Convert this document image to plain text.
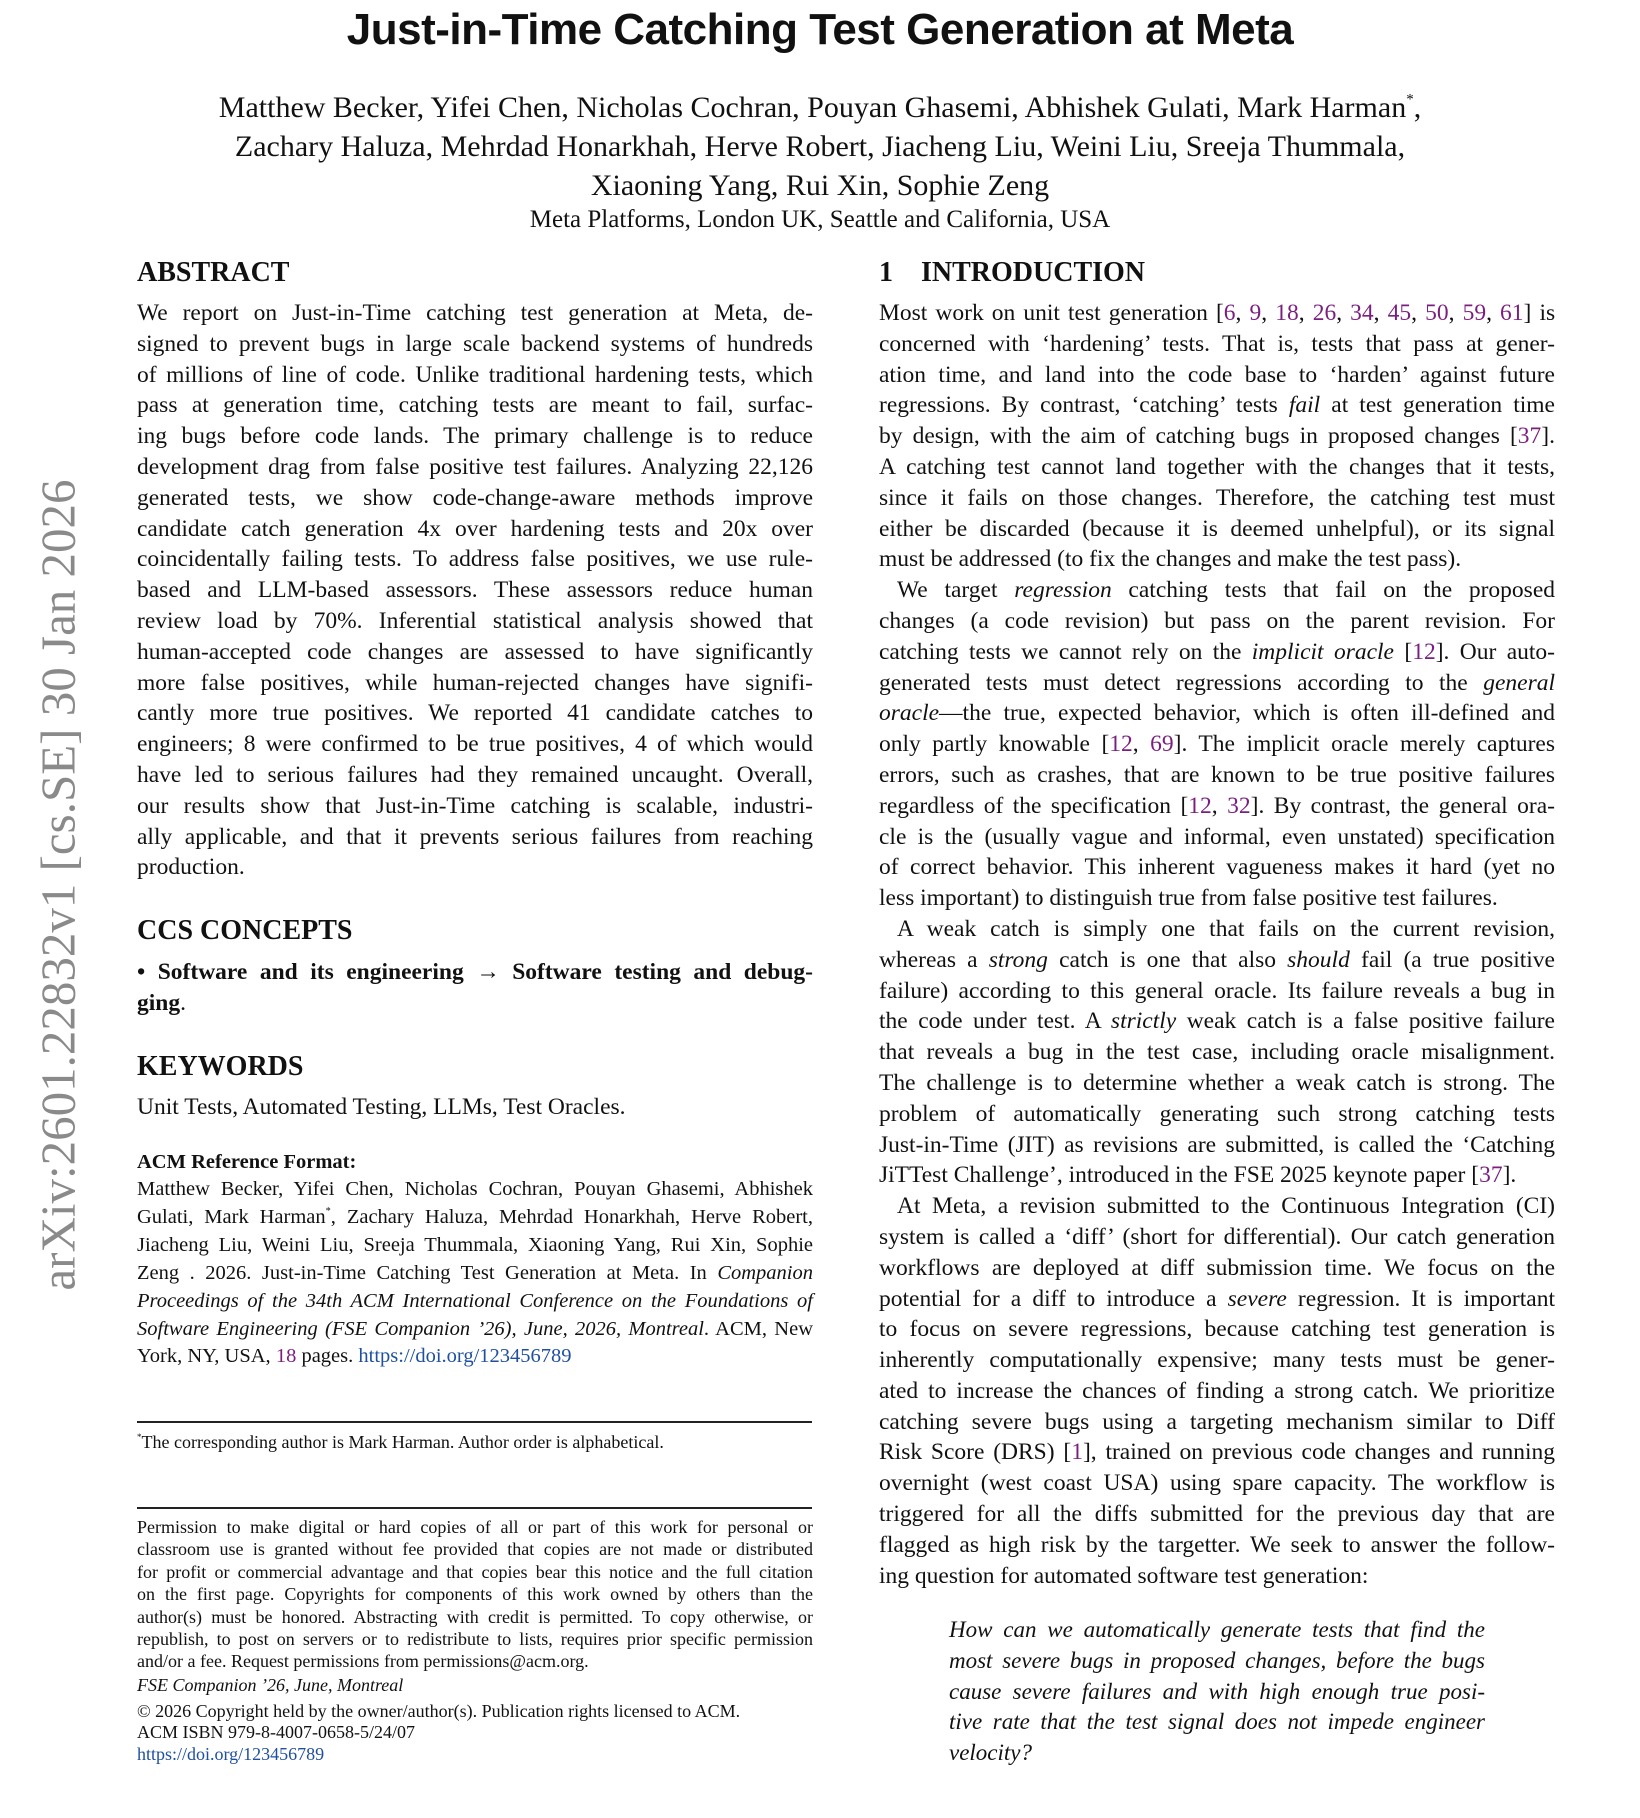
arXiv:2601.22832v1 [cs.SE] 30 Jan 2026
Just-in-Time Catching Test Generation at Meta
Matthew Becker, Yifei Chen, Nicholas Cochran, Pouyan Ghasemi, Abhishek Gulati, Mark Harman*,
Zachary Haluza, Mehrdad Honarkhah, Herve Robert, Jiacheng Liu, Weini Liu, Sreeja Thummala,
Xiaoning Yang, Rui Xin, Sophie Zeng
Meta Platforms, London UK, Seattle and California, USA
ABSTRACT
We report on Just-in-Time catching test generation at Meta, de-
signed to prevent bugs in large scale backend systems of hundreds
of millions of line of code. Unlike traditional hardening tests, which
pass at generation time, catching tests are meant to fail, surfac-
ing bugs before code lands. The primary challenge is to reduce
development drag from false positive test failures. Analyzing 22,126
generated tests, we show code-change-aware methods improve
candidate catch generation 4x over hardening tests and 20x over
coincidentally failing tests. To address false positives, we use rule-
based and LLM-based assessors. These assessors reduce human
review load by 70%. Inferential statistical analysis showed that
human-accepted code changes are assessed to have significantly
more false positives, while human-rejected changes have signifi-
cantly more true positives. We reported 41 candidate catches to
engineers; 8 were confirmed to be true positives, 4 of which would
have led to serious failures had they remained uncaught. Overall,
our results show that Just-in-Time catching is scalable, industri-
ally applicable, and that it prevents serious failures from reaching
production.
CCS CONCEPTS
• Software and its engineering → Software testing and debug-
ging.
KEYWORDS
Unit Tests, Automated Testing, LLMs, Test Oracles.
ACM Reference Format:
Matthew Becker, Yifei Chen, Nicholas Cochran, Pouyan Ghasemi, Abhishek
Gulati, Mark Harman*, Zachary Haluza, Mehrdad Honarkhah, Herve Robert,
Jiacheng Liu, Weini Liu, Sreeja Thummala, Xiaoning Yang, Rui Xin, Sophie
Zeng . 2026. Just-in-Time Catching Test Generation at Meta. In Companion
Proceedings of the 34th ACM International Conference on the Foundations of
Software Engineering (FSE Companion ’26), June, 2026, Montreal. ACM, New
York, NY, USA, 18 pages. https://doi.org/123456789
*The corresponding author is Mark Harman. Author order is alphabetical.
Permission to make digital or hard copies of all or part of this work for personal or
classroom use is granted without fee provided that copies are not made or distributed
for profit or commercial advantage and that copies bear this notice and the full citation
on the first page. Copyrights for components of this work owned by others than the
author(s) must be honored. Abstracting with credit is permitted. To copy otherwise, or
republish, to post on servers or to redistribute to lists, requires prior specific permission
and/or a fee. Request permissions from permissions@acm.org.
FSE Companion ’26, June, Montreal
© 2026 Copyright held by the owner/author(s). Publication rights licensed to ACM.
ACM ISBN 979-8-4007-0658-5/24/07
https://doi.org/123456789
1 INTRODUCTION
Most work on unit test generation [6, 9, 18, 26, 34, 45, 50, 59, 61] is
concerned with ‘hardening’ tests. That is, tests that pass at gener-
ation time, and land into the code base to ‘harden’ against future
regressions. By contrast, ‘catching’ tests fail at test generation time
by design, with the aim of catching bugs in proposed changes [37].
A catching test cannot land together with the changes that it tests,
since it fails on those changes. Therefore, the catching test must
either be discarded (because it is deemed unhelpful), or its signal
must be addressed (to fix the changes and make the test pass).
We target regression catching tests that fail on the proposed
changes (a code revision) but pass on the parent revision. For
catching tests we cannot rely on the implicit oracle [12]. Our auto-
generated tests must detect regressions according to the general
oracle—the true, expected behavior, which is often ill-defined and
only partly knowable [12, 69]. The implicit oracle merely captures
errors, such as crashes, that are known to be true positive failures
regardless of the specification [12, 32]. By contrast, the general ora-
cle is the (usually vague and informal, even unstated) specification
of correct behavior. This inherent vagueness makes it hard (yet no
less important) to distinguish true from false positive test failures.
A weak catch is simply one that fails on the current revision,
whereas a strong catch is one that also should fail (a true positive
failure) according to this general oracle. Its failure reveals a bug in
the code under test. A strictly weak catch is a false positive failure
that reveals a bug in the test case, including oracle misalignment.
The challenge is to determine whether a weak catch is strong. The
problem of automatically generating such strong catching tests
Just-in-Time (JIT) as revisions are submitted, is called the ‘Catching
JiTTest Challenge’, introduced in the FSE 2025 keynote paper [37].
At Meta, a revision submitted to the Continuous Integration (CI)
system is called a ‘diff’ (short for differential). Our catch generation
workflows are deployed at diff submission time. We focus on the
potential for a diff to introduce a severe regression. It is important
to focus on severe regressions, because catching test generation is
inherently computationally expensive; many tests must be gener-
ated to increase the chances of finding a strong catch. We prioritize
catching severe bugs using a targeting mechanism similar to Diff
Risk Score (DRS) [1], trained on previous code changes and running
overnight (west coast USA) using spare capacity. The workflow is
triggered for all the diffs submitted for the previous day that are
flagged as high risk by the targetter. We seek to answer the follow-
ing question for automated software test generation:
How can we automatically generate tests that find the
most severe bugs in proposed changes, before the bugs
cause severe failures and with high enough true posi-
tive rate that the test signal does not impede engineer
velocity?
